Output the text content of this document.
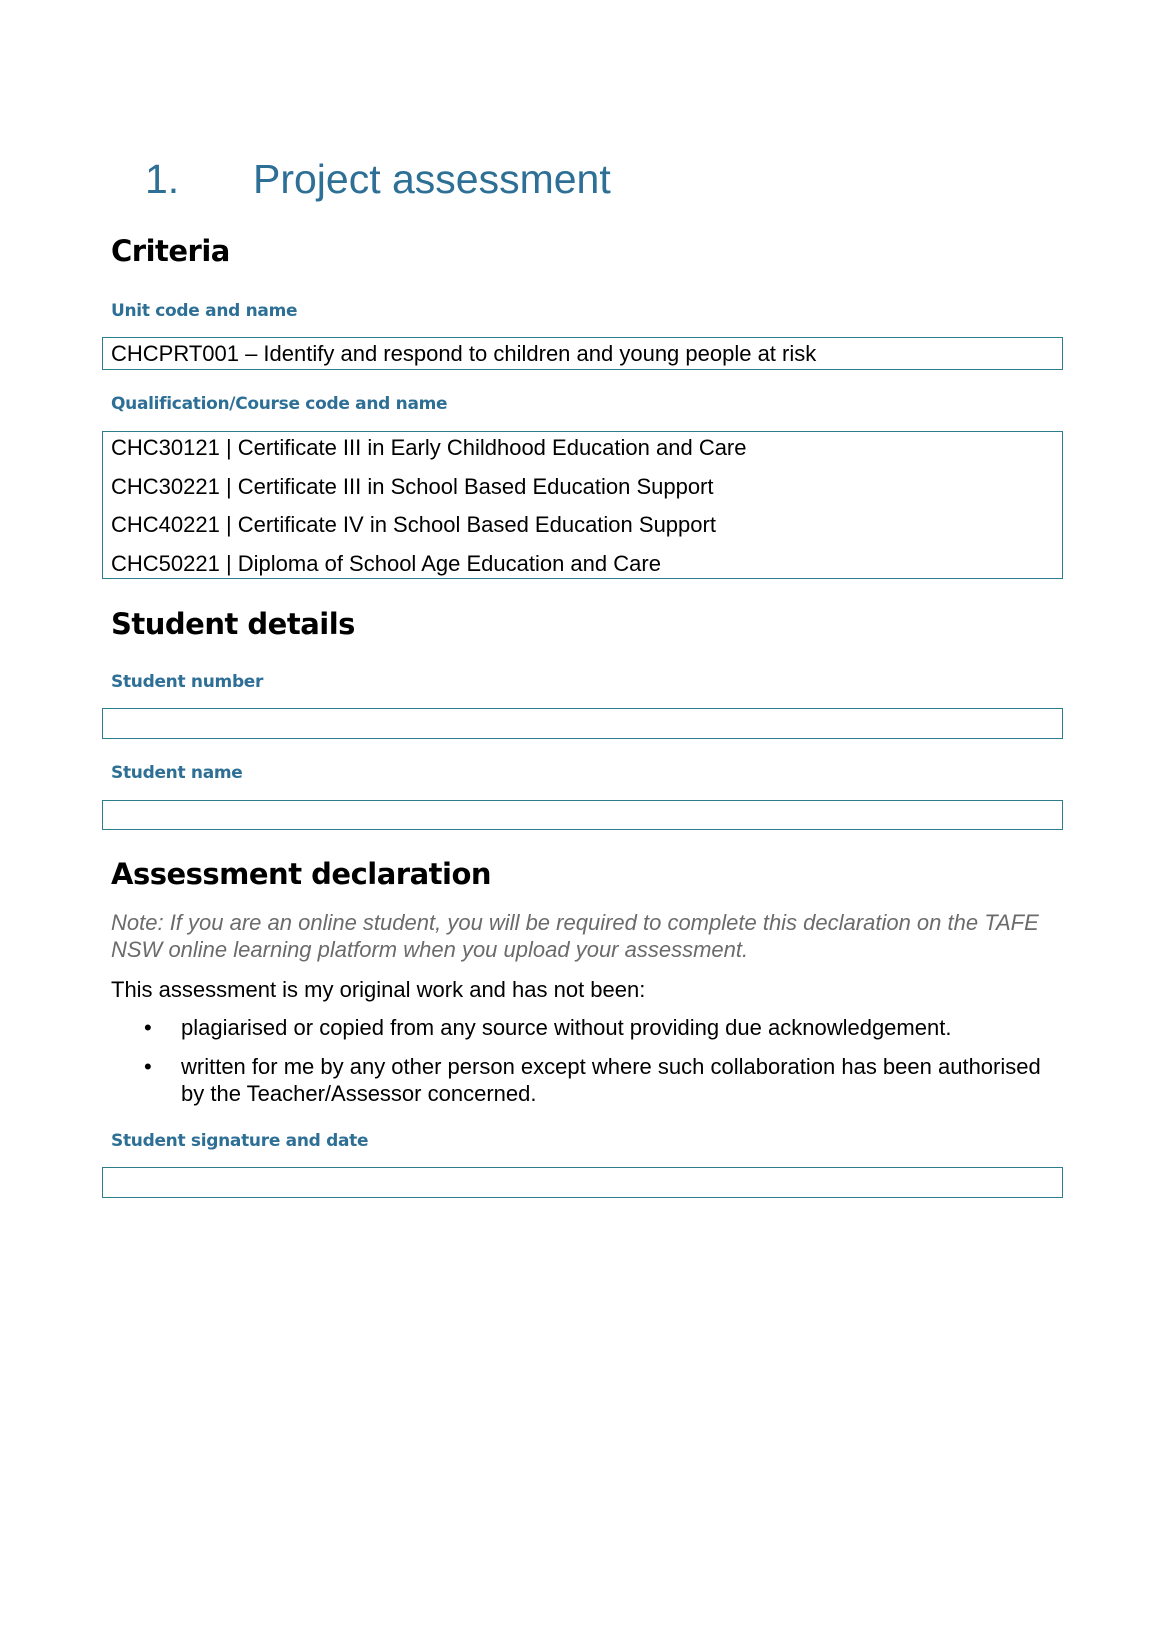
1. Project assessment
Criteria
Unit code and name
CHCPRT001 – Identify and respond to children and young people at risk
Qualification/Course code and name
CHC30121 | Certificate III in Early Childhood Education and Care
CHC30221 | Certificate III in School Based Education Support
CHC40221 | Certificate IV in School Based Education Support
CHC50221 | Diploma of School Age Education and Care
Student details
Student number
Student name
Assessment declaration
Note: If you are an online student, you will be required to complete this declaration on the TAFE NSW online learning platform when you upload your assessment.
This assessment is my original work and has not been:
• plagiarised or copied from any source without providing due acknowledgement.
• written for me by any other person except where such collaboration has been authorised by the Teacher/Assessor concerned.
Student signature and date
